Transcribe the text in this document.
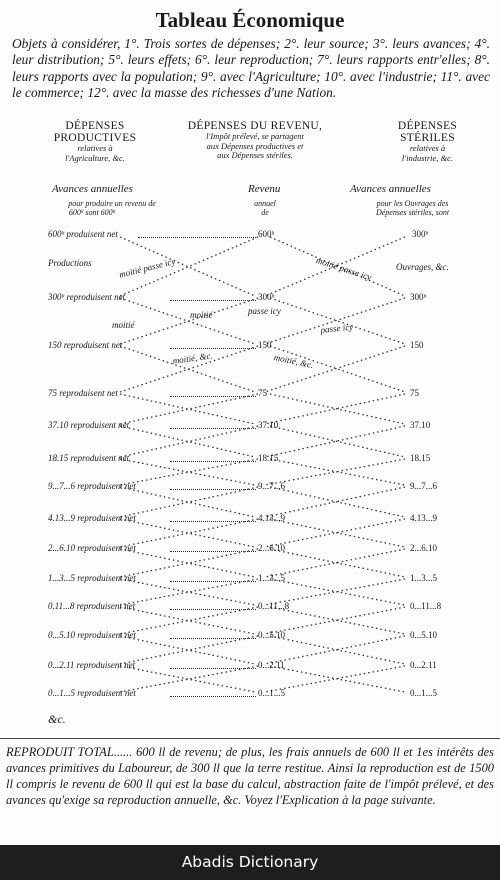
Tableau Économique
Objets à considérer, 1°. Trois sortes de dépenses; 2°. leur source; 3°. leurs avances; 4°. leur distribution; 5°. leurs effets; 6°. leur reproduction; 7°. leurs rapports entr'elles; 8°. leurs rapports avec la population; 9°. avec l'Agriculture; 10°. avec l'industrie; 11°. avec le commerce; 12°. avec la masse des richesses d'une Nation.
DÉPENSES
PRODUCTIVES
relatives à
l'Agriculture, &c.
DÉPENSES DU REVENU,
l'Impôt prélevé, se partagent
aux Dépenses productives et
aux Dépenses stériles.
DÉPENSES
STÉRILES
relatives à
l'industrie, &c.
Avances annuelles
pour produire un revenu de
600ˡᵗ sont 600ˡᵗ
Revenu
annuel
de
Avances annuelles
pour les Ouvrages des
Dépenses stériles, sont
600ˡᵗ produisent net	600ˡᵗ	300ˡᵗ
Productions	Ouvrages, &c.
moitié passe icy	moitié passe icy
moitié
passe icy
moitié
passe icy
moitié, &c.	moitié, &c.
300ˡᵗ reproduisent net	300ˡᵗ	300ˡᵗ
150 reproduisent net	150	150
75 reproduisent net	75	75
37.10 reproduisent net	37.10	37.10
18.15 reproduisent net	18.15	18.15
9...7...6 reproduisent net	9...7...6	9...7...6
4.13...9 reproduisent net	4.13...9	4.13...9
2...6.10 reproduisent net	2...6.10	2...6.10
1...3...5 reproduisent net	1...3...5	1...3...5
0.11...8 reproduisent net	0...11...8	0...11...8
0...5.10 reproduisent net	0...5.10	0...5.10
0...2.11 reproduisent net	0...2.11	0...2.11
0...1...5 reproduisent net	0...1...5	0...1...5
&c.
REPRODUIT TOTAL...... 600 ll de revenu; de plus, les frais annuels de 600 ll et 1es intérêts des avances primitives du Laboureur, de 300 ll que la terre restitue. Ainsi la reproduction est de 1500 ll compris le revenu de 600 ll qui est la base du calcul, abstraction faite de l'impôt prélevé, et des avances qu'exige sa reproduction annuelle, &c. Voyez l'Explication à la page suivante.
Abadis Dictionary
